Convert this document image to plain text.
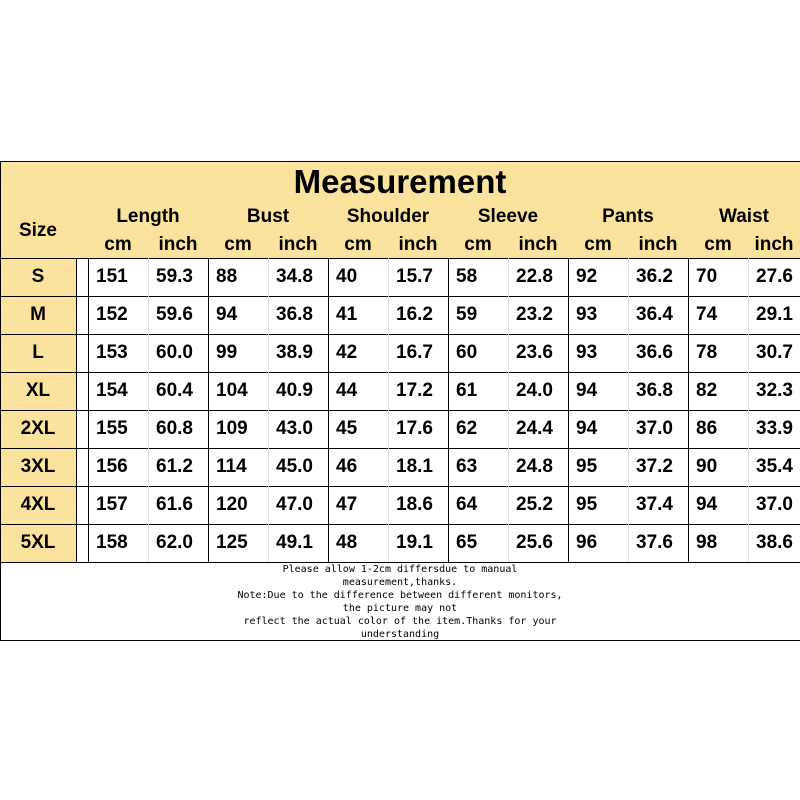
Measurement
Size
Length
cm	inch
Bust
cm	inch
Shoulder
cm	inch
Sleeve
cm	inch
Pants
cm	inch
Waist
cm	inch
S	151	59.3	88	34.8	40	15.7	58	22.8	92	36.2	70	27.6
M	152	59.6	94	36.8	41	16.2	59	23.2	93	36.4	74	29.1
L	153	60.0	99	38.9	42	16.7	60	23.6	93	36.6	78	30.7
XL	154	60.4	104	40.9	44	17.2	61	24.0	94	36.8	82	32.3
2XL	155	60.8	109	43.0	45	17.6	62	24.4	94	37.0	86	33.9
3XL	156	61.2	114	45.0	46	18.1	63	24.8	95	37.2	90	35.4
4XL	157	61.6	120	47.0	47	18.6	64	25.2	95	37.4	94	37.0
5XL	158	62.0	125	49.1	48	19.1	65	25.6	96	37.6	98	38.6
Please allow 1-2cm differsdue to manual
measurement,thanks.
Note:Due to the difference between different monitors,
the picture may not
reflect the actual color of the item.Thanks for your
understanding
